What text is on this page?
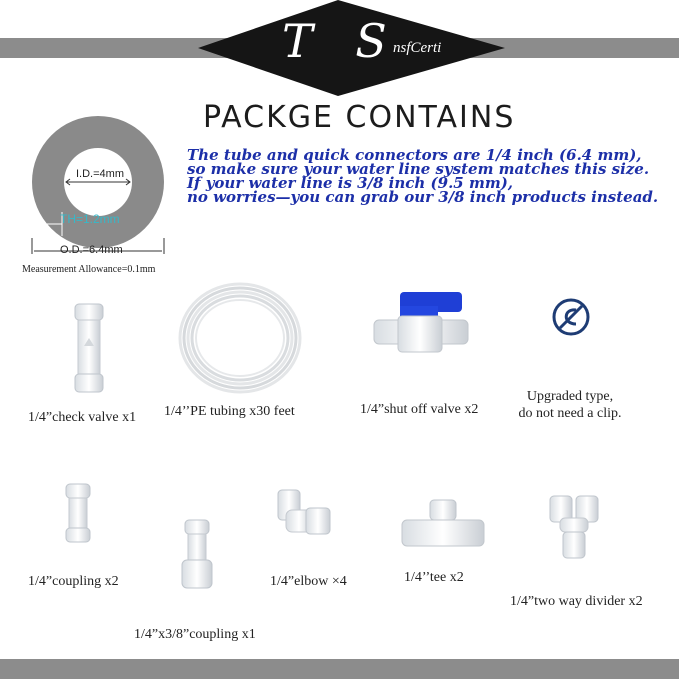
T S
nsfCerti
PACKGE CONTAINS
The tube and quick connectors are 1/4 inch (6.4 mm),
so make sure your water line system matches this size.
If your water line is 3/8 inch (9.5 mm),
no worries—you can grab our 3/8 inch products instead.
I.D.=4mm
TH=1.2mm
O.D.=6.4mm
Measurement Allowance=0.1mm
1/4”check valve x1 1/4’’PE tubing x30 feet	1/4”shut off valve x2
Upgraded type,
do not need a clip.
1/4”coupling x2
1/4”x3/8”coupling x1
1/4”elbow ×4	1/4’’tee x2
1/4”two way divider x2
